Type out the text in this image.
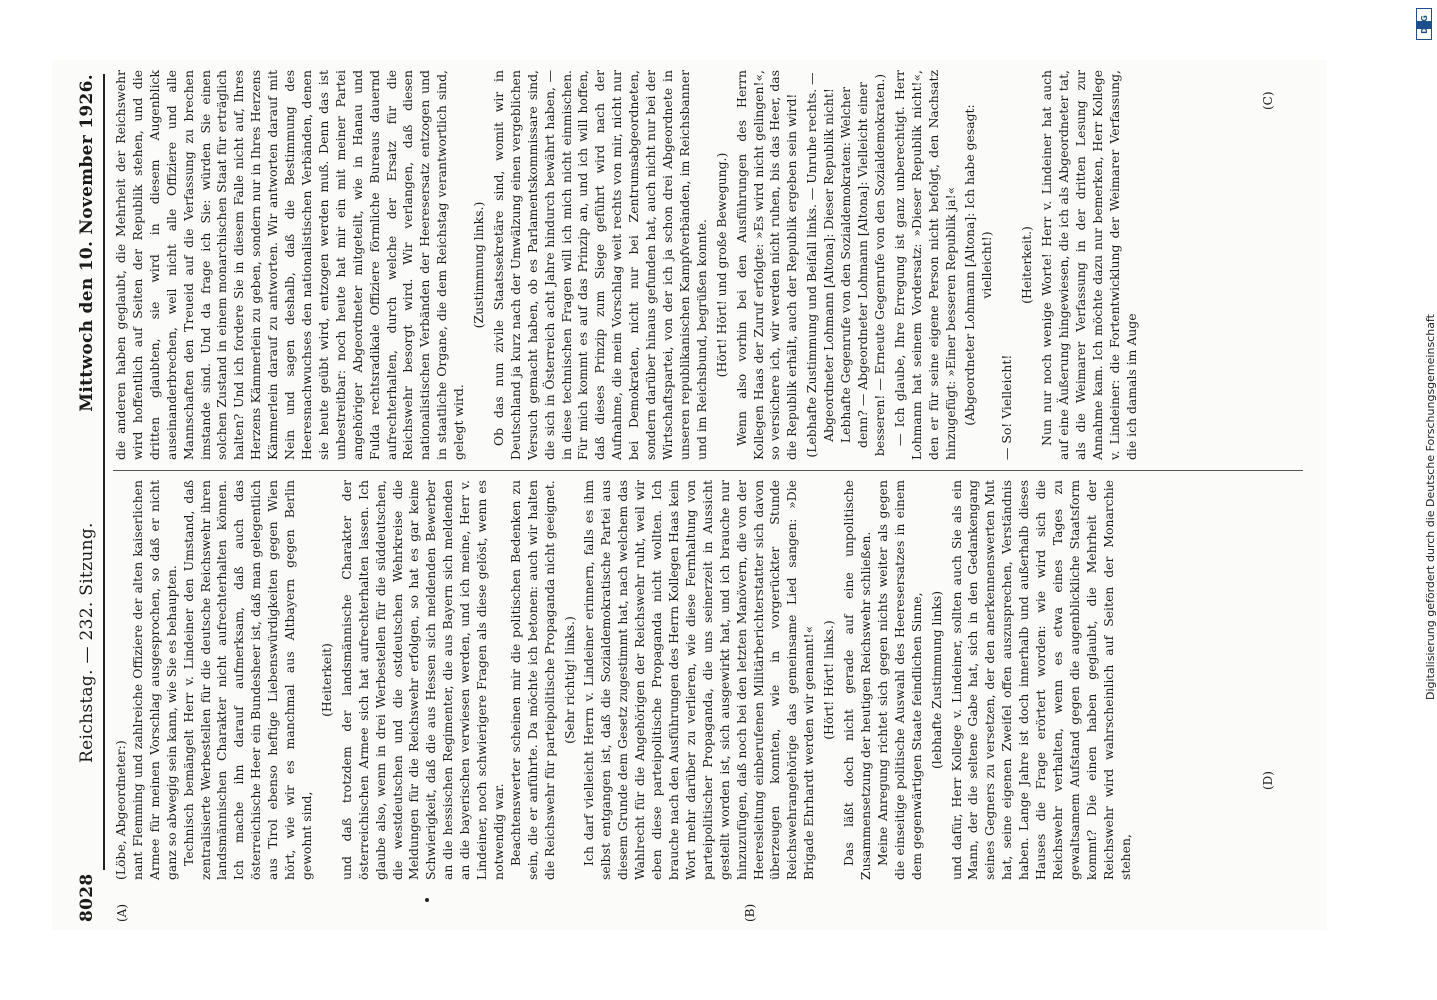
8028
Reichstag. — 232. Sitzung.
Mittwoch den 10. November 1926.

(Löbe, Abgeordneter:) nant Flemming und zahlreiche Offiziere der alten kaiserlichen Armee für meinen Vorschlag ausgesprochen, so daß er nicht ganz so abwegig sein kann, wie Sie es behaupten. Technisch bemängelt Herr v. Lindeiner den Umstand, daß zentralisierte Werbestellen für die deutsche Reichswehr ihren landsmännischen Charakter nicht aufrechterhalten können. Ich mache ihn darauf aufmerksam, daß auch das österreichische Heer ein Bundesheer ist, daß man gelegentlich aus Tirol ebenso heftige Liebenswürdigkeiten gegen Wien hört, wie wir es manchmal aus Altbayern gegen Berlin gewohnt sind,

(Heiterkeit) und daß trotzdem der landsmännische Charakter der österreichischen Armee sich hat aufrechterhalten lassen. Ich glaube also, wenn in drei Werbestellen für die süddeutschen, die westdeutschen und die ostdeutschen Wehrkreise die Meldungen für die Reichswehr erfolgen, so hat es gar keine Schwierigkeit, daß die aus Hessen sich meldenden Bewerber an die hessischen Regimenter, die aus Bayern sich meldenden an die bayerischen verwiesen werden, und ich meine, Herr v. Lindeiner, noch schwierigere Fragen als diese gelöst, wenn es notwendig war. Beachtenswerter scheinen mir die politischen Bedenken zu sein, die er anführte. Da möchte ich betonen: auch wir halten die Reichswehr für parteipolitische Propaganda nicht geeignet. (Sehr richtig! links.) Ich darf vielleicht Herrn v. Lindeiner erinnern, falls es ihm selbst entgangen ist, daß die Sozialdemokratische Partei aus diesem Grunde dem Gesetz zugestimmt hat, nach welchem das Wahlrecht für die Angehörigen der Reichswehr ruht, weil wir eben diese parteipolitische Propaganda nicht wollten. Ich brauche nach den Ausführungen des Herrn Kollegen Haas kein Wort mehr darüber zu verlieren, wie diese Fernhaltung von parteipolitischer Propaganda, die uns seinerzeit in Aussicht gestellt worden ist, sich ausgewirkt hat, und ich brauche nur hinzuzufügen, daß noch bei den letzten Manövern, die von der Heeresleitung einberufenen Militärberichterstatter sich davon überzeugen konnten, wie in vorgerückter Stunde Reichswehrangehörige das gemeinsame Lied sangen: »Die Brigade Ehrhardt werden wir genannt!« (Hört! Hört! links.) Das läßt doch nicht gerade auf eine unpolitische Zusammensetzung der heutigen Reichswehr schließen. Meine Anregung richtet sich gegen nichts weiter als gegen die einseitige politische Auswahl des Heeresersatzes in einem dem gegenwärtigen Staate feindlichen Sinne, (lebhafte Zustimmung links) und dafür, Herr Kollege v. Lindeiner, sollten auch Sie als ein Mann, der die seltene Gabe hat, sich in den Gedankengang seines Gegners zu versetzen, der den anerkennenswerten Mut hat, seine eigenen Zweifel offen auszusprechen, Verständnis haben. Lange Jahre ist doch innerhalb und außerhalb dieses Hauses die Frage erörtert worden: wie wird sich die Reichswehr verhalten, wenn es etwa eines Tages zu gewaltsamem Aufstand gegen die augenblickliche Staatsform kommt? Die einen haben geglaubt, die Mehrheit der Reichswehr wird wahrscheinlich auf Seiten der Monarchie stehen,

die anderen haben geglaubt, die Mehrheit der Reichswehr wird hoffentlich auf Seiten der Republik stehen, und die dritten glaubten, sie wird in diesem Augenblick auseinanderbrechen, weil nicht alle Offiziere und alle Mannschaften den Treueid auf die Verfassung zu brechen imstande sind. Und da frage ich Sie: würden Sie einen solchen Zustand in einem monarchischen Staat für erträglich halten? Und ich fordere Sie in diesem Falle nicht auf, Ihres Herzens Kämmerlein zu geben, sondern nur in Ihres Herzens Kämmerlein darauf zu antworten. Wir antworten darauf mit Nein und sagen deshalb, daß die Bestimmung des Heeresnachwuchses den nationalistischen Verbänden, denen sie heute geübt wird, entzogen werden muß. Denn das ist unbestreitbar: noch heute hat mir ein mit meiner Partei angehöriger Abgeordneter mitgeteilt, wie in Hanau und Fulda rechtsradikale Offiziere förmliche Bureaus dauernd aufrechterhalten, durch welche der Ersatz für die Reichswehr besorgt wird. Wir verlangen, daß diesen nationalistischen Verbänden der Heeresersatz entzogen und in staatliche Organe, die dem Reichstag verantwortlich sind, gelegt wird.

(Zustimmung links.) Ob das nun zivile Staatssekretäre sind, womit wir in Deutschland ja kurz nach der Umwälzung einen vergeblichen Versuch gemacht haben, ob es Parlamentskommissare sind, die sich in Österreich acht Jahre hindurch bewährt haben, — in diese technischen Fragen will ich mich nicht einmischen. Für mich kommt es auf das Prinzip an, und ich will hoffen, daß dieses Prinzip zum Siege geführt wird nach der Aufnahme, die mein Vorschlag weit rechts von mir, nicht nur bei Demokraten, nicht nur bei Zentrumsabgeordneten, sondern darüber hinaus gefunden hat, auch nicht nur bei der Wirtschaftspartei, von der ich ja schon drei Abgeordnete in unseren republikanischen Kampfverbänden, im Reichsbanner und im Reichsbund, begrüßen konnte. (Hört! Hört! und große Bewegung.) Wenn also vorhin bei den Ausführungen des Herrn Kollegen Haas der Zuruf erfolgte: »Es wird nicht gelingen!«, so versichere ich, wir werden nicht ruhen, bis das Heer, das die Republik erhält, auch der Republik ergeben sein wird! (Lebhafte Zustimmung und Beifall links. — Unruhe rechts. — Abgeordneter Lohmann [Altona]: Dieser Republik nicht! Lebhafte Gegenrufe von den Sozialdemokraten: Welcher denn? — Abgeordneter Lohmann [Altona]: Vielleicht einer besseren! — Erneute Gegenrufe von den Sozialdemokraten.) — Ich glaube, Ihre Erregung ist ganz unberechtigt. Herr Lohmann hat seinem Vordersatz: »Dieser Republik nicht!«, den er für seine eigene Person nicht befolgt, den Nachsatz hinzugefügt: »Einer besseren Republik ja!« (Abgeordneter Lohmann [Altona]: Ich habe gesagt: vielleicht!)

— So! Vielleicht!

(Heiterkeit.) Nun nur noch wenige Worte! Herr v. Lindeiner hat auch auf eine Äußerung hingewiesen, die ich als Abgeordneter tat, als die Weimarer Verfassung in der dritten Lesung zur Annahme kam. Ich möchte dazu nur bemerken, Herr Kollege v. Lindeiner: die Fortentwicklung der Weimarer Verfassung, die ich damals im Auge

(A)	(B)
(C)
(D)
Digitalisierung gefördert durch die Deutsche Forschungsgemeinschaft
DFG
